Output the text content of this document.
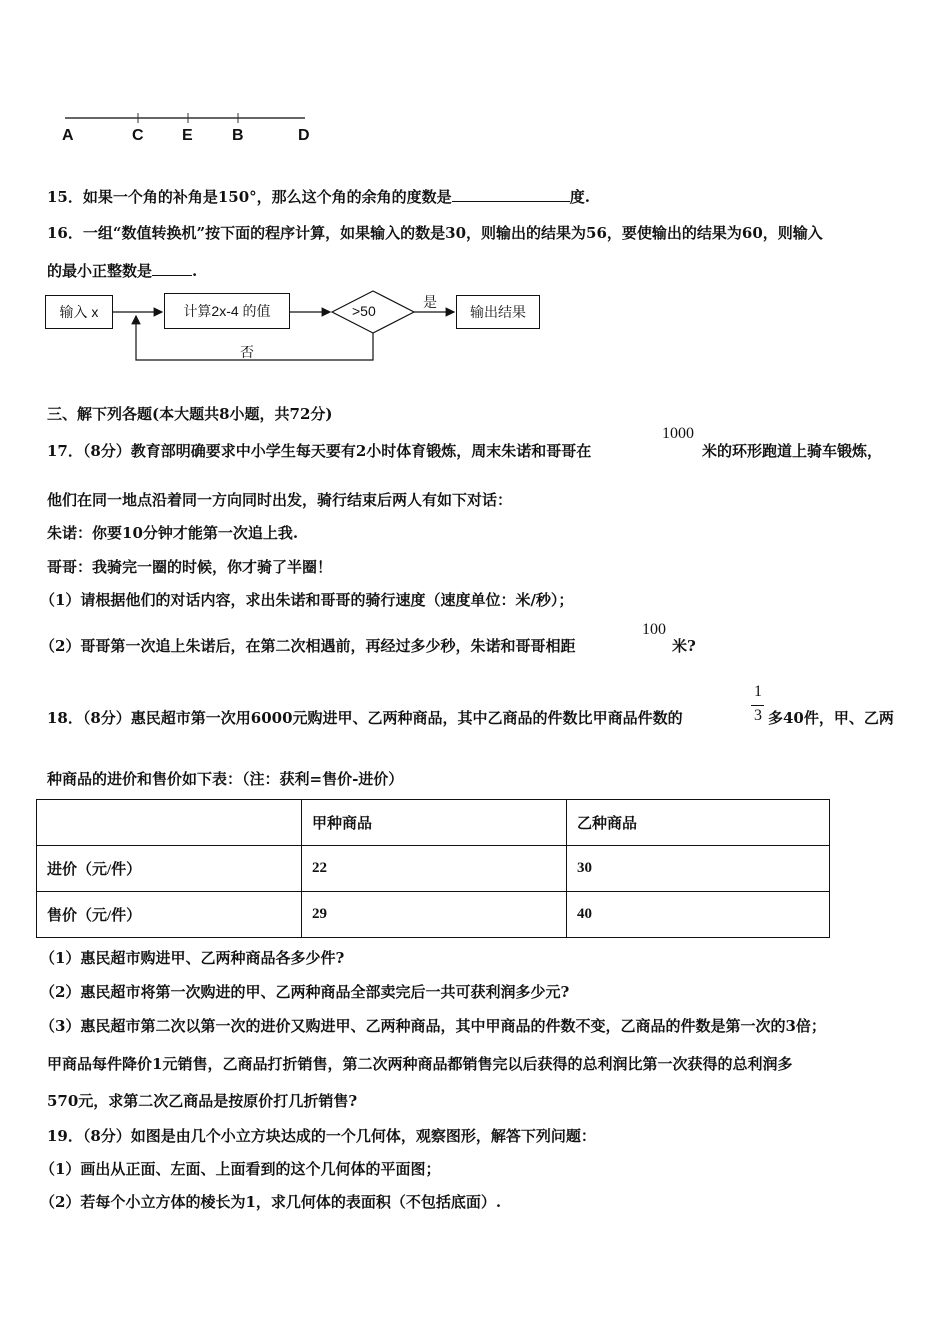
A	C E B	D
15．如果一个角的补角是150°，那么这个角的余角的度数是	度.
16．一组“数值转换机”按下面的程序计算，如果输入的数是30，则输出的结果为56，要使输出的结果为60，则输入
的最小正整数是	.
输入 x	计算2x-4 的值	>50	是
输出结果
否
三、解下列各题(本大题共8小题，共72分)
17．（8分）教育部明确要求中小学生每天要有2小时体育锻炼，周末朱诺和哥哥在
1000
米的环形跑道上骑车锻炼，
他们在同一地点沿着同一方向同时出发，骑行结束后两人有如下对话：
朱诺：你要10分钟才能第一次追上我.
哥哥：我骑完一圈的时候，你才骑了半圈！
（1）请根据他们的对话内容，求出朱诺和哥哥的骑行速度（速度单位：米/秒）；
（2）哥哥第一次追上朱诺后，在第二次相遇前，再经过多少秒，朱诺和哥哥相距
100
米?
18．（8分）惠民超市第一次用6000元购进甲、乙两种商品，其中乙商品的件数比甲商品件数的
1
3 多40件，甲、乙两
种商品的进价和售价如下表：（注：获利=售价-进价）
	甲种商品	乙种商品
进价（元/件）	22	30
售价（元/件）	29	40
（1）惠民超市购进甲、乙两种商品各多少件?
（2）惠民超市将第一次购进的甲、乙两种商品全部卖完后一共可获利润多少元?
（3）惠民超市第二次以第一次的进价又购进甲、乙两种商品，其中甲商品的件数不变，乙商品的件数是第一次的3倍；
甲商品每件降价1元销售，乙商品打折销售，第二次两种商品都销售完以后获得的总利润比第一次获得的总利润多
570元，求第二次乙商品是按原价打几折销售?
19．（8分）如图是由几个小立方块达成的一个几何体，观察图形，解答下列问题：
（1）画出从正面、左面、上面看到的这个几何体的平面图；
（2）若每个小立方体的棱长为1，求几何体的表面积（不包括底面）.
